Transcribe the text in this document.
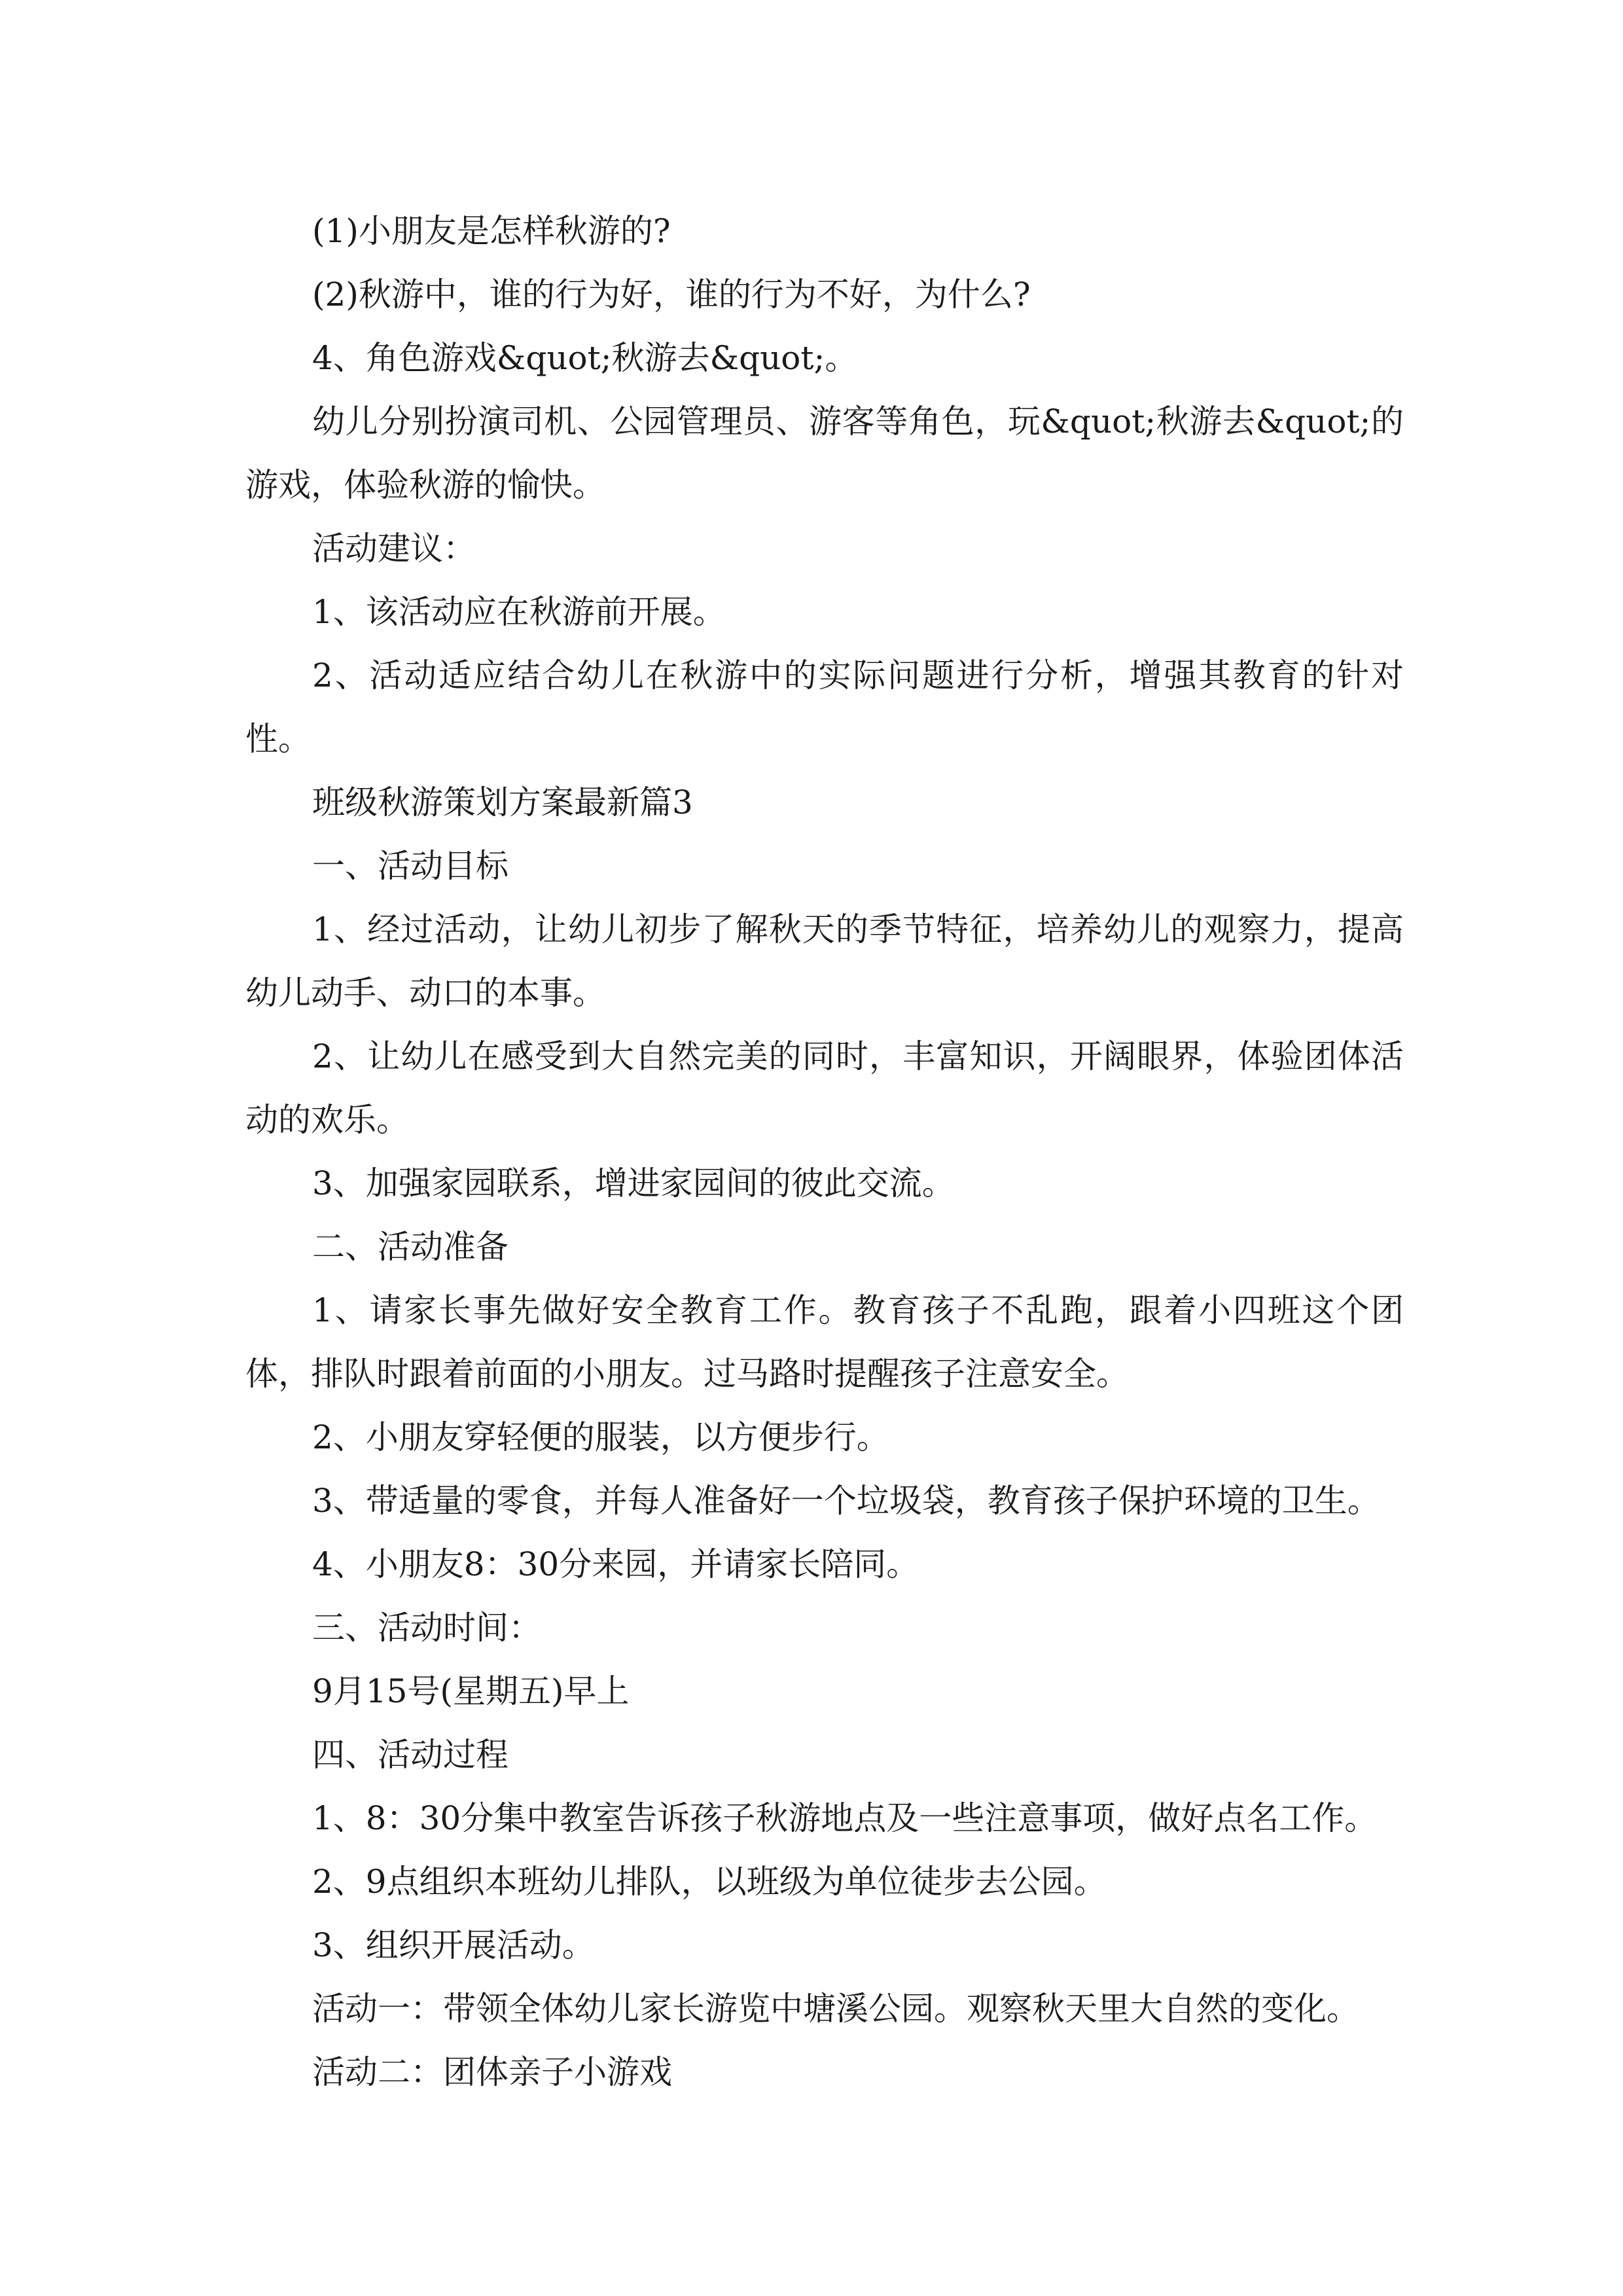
(1)小朋友是怎样秋游的?

(2)秋游中，谁的行为好，谁的行为不好，为什么?

4、角色游戏&quot;秋游去&quot;。

幼儿分别扮演司机、公园管理员、游客等角色，玩&quot;秋游去&quot;的游戏，体验秋游的愉快。

活动建议：

1、该活动应在秋游前开展。

2、活动适应结合幼儿在秋游中的实际问题进行分析，增强其教育的针对性。

班级秋游策划方案最新篇3

一、活动目标

1、经过活动，让幼儿初步了解秋天的季节特征，培养幼儿的观察力，提高幼儿动手、动口的本事。

2、让幼儿在感受到大自然完美的同时，丰富知识，开阔眼界，体验团体活动的欢乐。

3、加强家园联系，增进家园间的彼此交流。

二、活动准备

1、请家长事先做好安全教育工作。教育孩子不乱跑，跟着小四班这个团体，排队时跟着前面的小朋友。过马路时提醒孩子注意安全。

2、小朋友穿轻便的服装，以方便步行。

3、带适量的零食，并每人准备好一个垃圾袋，教育孩子保护环境的卫生。

4、小朋友8：30分来园，并请家长陪同。

三、活动时间：

9月15号(星期五)早上

四、活动过程

1、8：30分集中教室告诉孩子秋游地点及一些注意事项，做好点名工作。

2、9点组织本班幼儿排队，以班级为单位徒步去公园。

3、组织开展活动。

活动一：带领全体幼儿家长游览中塘溪公园。观察秋天里大自然的变化。

活动二：团体亲子小游戏
